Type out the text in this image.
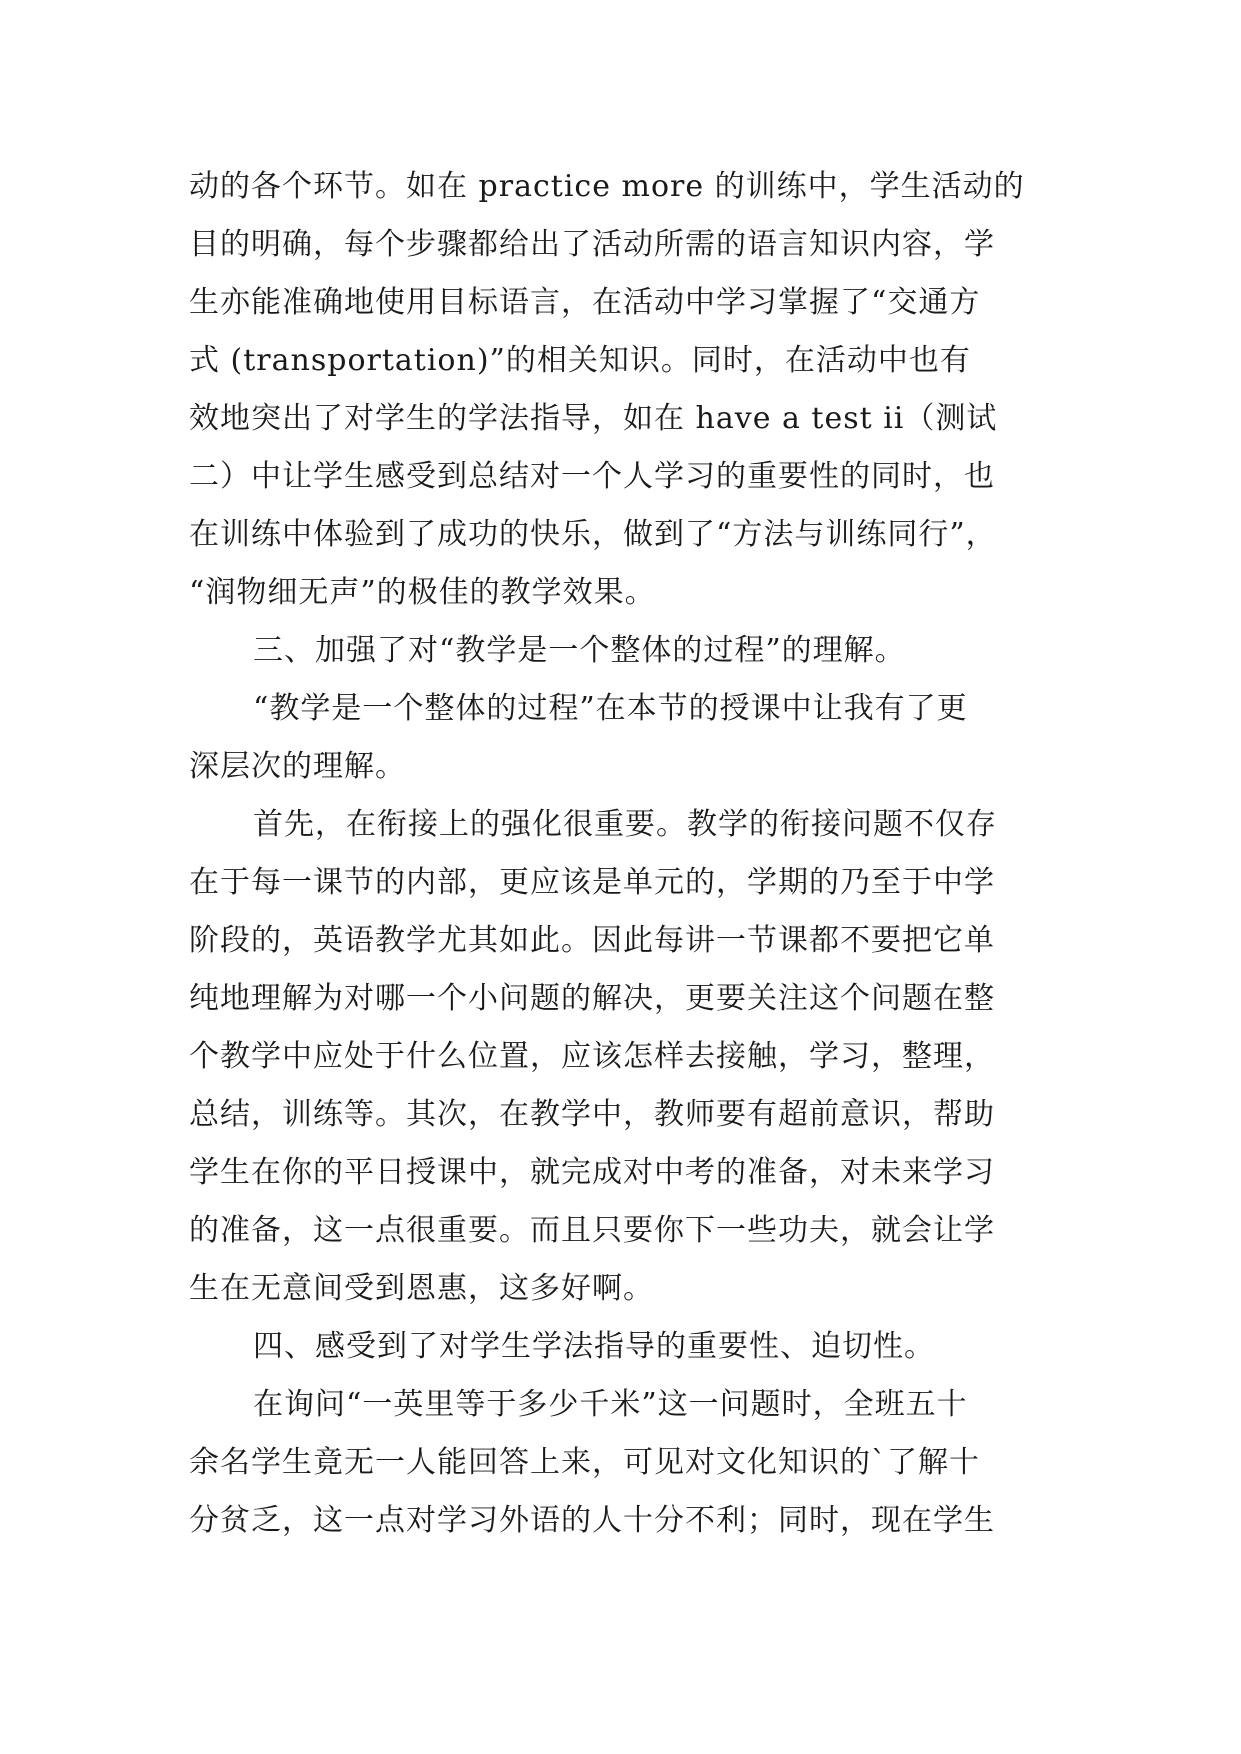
动的各个环节。如在 practice more 的训练中，学生活动的
目的明确，每个步骤都给出了活动所需的语言知识内容，学
生亦能准确地使用目标语言，在活动中学习掌握了“交通方
式 (transportation)”的相关知识。同时，在活动中也有
效地突出了对学生的学法指导，如在 have a test ii（测试
二）中让学生感受到总结对一个人学习的重要性的同时，也
在训练中体验到了成功的快乐，做到了“方法与训练同行”，
“润物细无声”的极佳的教学效果。
三、加强了对“教学是一个整体的过程”的理解。
“教学是一个整体的过程”在本节的授课中让我有了更
深层次的理解。
首先，在衔接上的强化很重要。教学的衔接问题不仅存
在于每一课节的内部，更应该是单元的，学期的乃至于中学
阶段的，英语教学尤其如此。因此每讲一节课都不要把它单
纯地理解为对哪一个小问题的解决，更要关注这个问题在整
个教学中应处于什么位置，应该怎样去接触，学习，整理，
总结，训练等。其次，在教学中，教师要有超前意识，帮助
学生在你的平日授课中，就完成对中考的准备，对未来学习
的准备，这一点很重要。而且只要你下一些功夫，就会让学
生在无意间受到恩惠，这多好啊。
四、感受到了对学生学法指导的重要性、迫切性。
在询问“一英里等于多少千米”这一问题时，全班五十
余名学生竟无一人能回答上来，可见对文化知识的`了解十
分贫乏，这一点对学习外语的人十分不利；同时，现在学生
